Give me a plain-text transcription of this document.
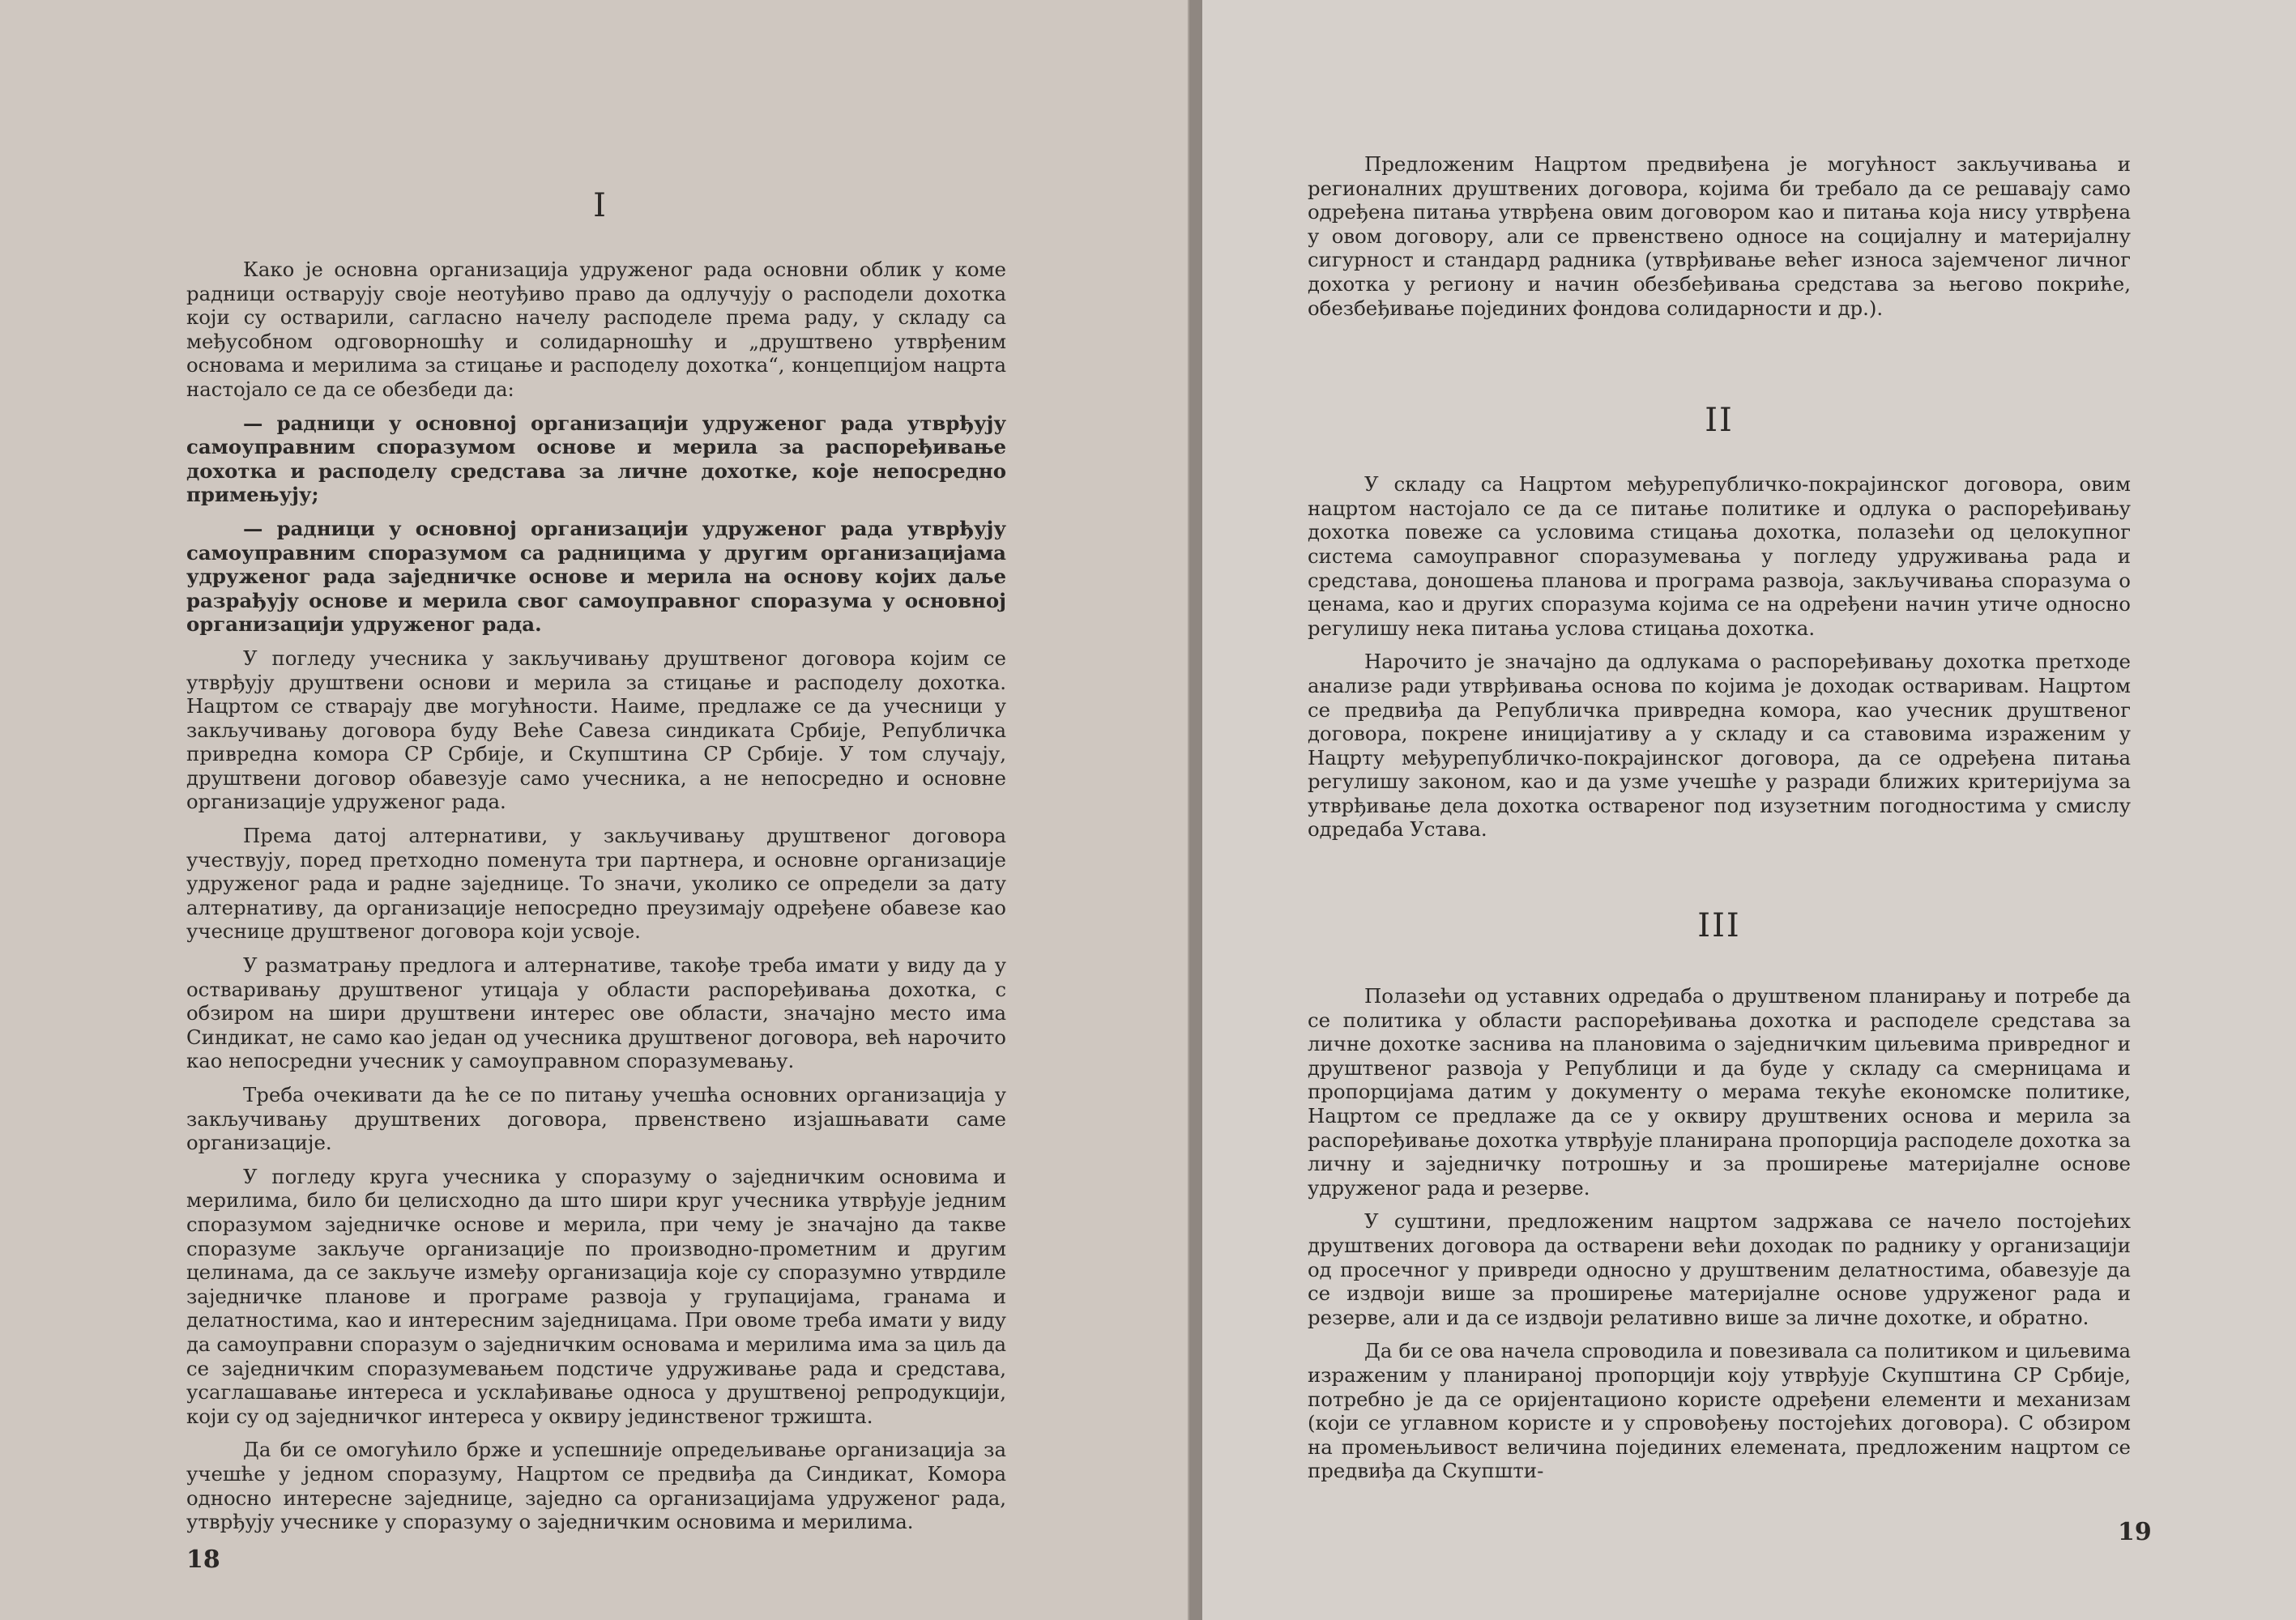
I

Како је основна организација удруженог рада основни облик у коме радници остварују своје неотуђиво право да одлучују о расподели дохотка који су остварили, сагласно начелу расподеле према раду, у складу са међусобном одговорношћу и солидарношћу и „друштвено утврђеним основама и мерилима за стицање и расподелу дохотка“, концепцијом нацрта настојало се да се обезбеди да:

— радници у основној организацији удруженог рада утврђују самоуправним споразумом основе и мерила за распоређивање дохотка и расподелу средстава за личне дохотке, које непосредно примењују;

— радници у основној организацији удруженог рада утврђују самоуправним споразумом са радницима у другим организацијама удруженог рада заједничке основе и мерила на основу којих даље разрађују основе и мерила свог самоуправног споразума у основној организацији удруженог рада.

У погледу учесника у закључивању друштвеног договора којим се утврђују друштвени основи и мерила за стицање и расподелу дохотка. Нацртом се стварају две могућности. Наиме, предлаже се да учесници у закључивању договора буду Веће Савеза синдиката Србије, Републичка привредна комора СР Србије, и Скупштина СР Србије. У том случају, друштвени договор обавезује само учесника, а не непосредно и основне организације удруженог рада.

Према датој алтернативи, у закључивању друштвеног договора учествују, поред претходно поменута три партнера, и основне организације удруженог рада и радне заједнице. То значи, уколико се определи за дату алтернативу, да организације непосредно преузимају одређене обавезе као учеснице друштвеног договора који усвоје.

У разматрању предлога и алтернативе, такође треба имати у виду да у остваривању друштвеног утицаја у области распоређивања дохотка, с обзиром на шири друштвени интерес ове области, значајно место има Синдикат, не само као један од учесника друштвеног договора, већ нарочито као непосредни учесник у самоуправном споразумевању.

Треба очекивати да ће се по питању учешћа основних организација у закључивању друштвених договора, првенствено изјашњавати саме организације.

У погледу круга учесника у споразуму о заједничким основима и мерилима, било би целисходно да што шири круг учесника утврђује једним споразумом заједничке основе и мерила, при чему је значајно да такве споразуме закључе организације по производно-прометним и другим целинама, да се закључе између организација које су споразумно утврдиле заједничке планове и програме развоја у групацијама, гранама и делатностима, као и интересним заједницама. При овоме треба имати у виду да самоуправни споразум о заједничким основама и мерилима има за циљ да се заједничким споразумевањем подстиче удруживање рада и средстава, усаглашавање интереса и усклађивање односа у друштвеној репродукцији, који су од заједничког интереса у оквиру јединственог тржишта.

Да би се омогућило брже и успешније опредељивање организација за учешће у једном споразуму, Нацртом се предвиђа да Синдикат, Комора односно интересне заједнице, заједно са организацијама удруженог рада, утврђују учеснике у споразуму о заједничким основима и мерилима.

18

Предложеним Нацртом предвиђена је могућност закључивања и регионалних друштвених договора, којима би требало да се решавају само одређена питања утврђена овим договором као и питања која нису утврђена у овом договору, али се првенствено односе на социјалну и материјалну сигурност и стандард радника (утврђивање већег износа зајемченог личног дохотка у региону и начин обезбеђивања средстава за његово покриће, обезбеђивање појединих фондова солидарности и др.).

II

У складу са Нацртом међурепубличко-покрајинског договора, овим нацртом настојало се да се питање политике и одлука о распоређивању дохотка повеже са условима стицања дохотка, полазећи од целокупног система самоуправног споразумевања у погледу удруживања рада и средстава, доношења планова и програма развоја, закључивања споразума о ценама, као и других споразума којима се на одређени начин утиче односно регулишу нека питања услова стицања дохотка.

Нарочито је значајно да одлукама о распоређивању дохотка претходе анализе ради утврђивања основа по којима је доходак остваривам. Нацртом се предвиђа да Републичка привредна комора, као учесник друштвеног договора, покрене иницијативу а у складу и са ставовима израженим у Нацрту међурепубличко-покрајинског договора, да се одређена питања регулишу законом, као и да узме учешће у разради ближих критеријума за утврђивање дела дохотка оствареног под изузетним погодностима у смислу одредаба Устава.

III

Полазећи од уставних одредаба о друштвеном планирању и потребе да се политика у области распоређивања дохотка и расподеле средстава за личне дохотке заснива на плановима о заједничким циљевима привредног и друштвеног развоја у Републици и да буде у складу са смерницама и пропорцијама датим у документу о мерама текуће економске политике, Нацртом се предлаже да се у оквиру друштвених основа и мерила за распоређивање дохотка утврђује планирана пропорција расподеле дохотка за личну и заједничку потрошњу и за проширење материјалне основе удруженог рада и резерве.

У суштини, предложеним нацртом задржава се начело постојећих друштвених договора да оствaрени већи доходак по раднику у организацији од просечног у привреди односно у друштвеним делатностима, обавезује да се издвоји више за проширење материјалне основе удруженог рада и резерве, али и да се издвоји релативно више за личне дохотке, и обратно.

Да би се ова начела спроводила и повезивала са политиком и циљевима израженим у планираној пропорцији коју утврђује Скупштина СР Србије, потребно је да се оријентационо користе одређени елементи и механизам (који се углавном користе и у спровођењу постојећих договора). С обзиром на промењљивост величина појединих елемената, предложеним нацртом се предвиђа да Скупшти-

19
